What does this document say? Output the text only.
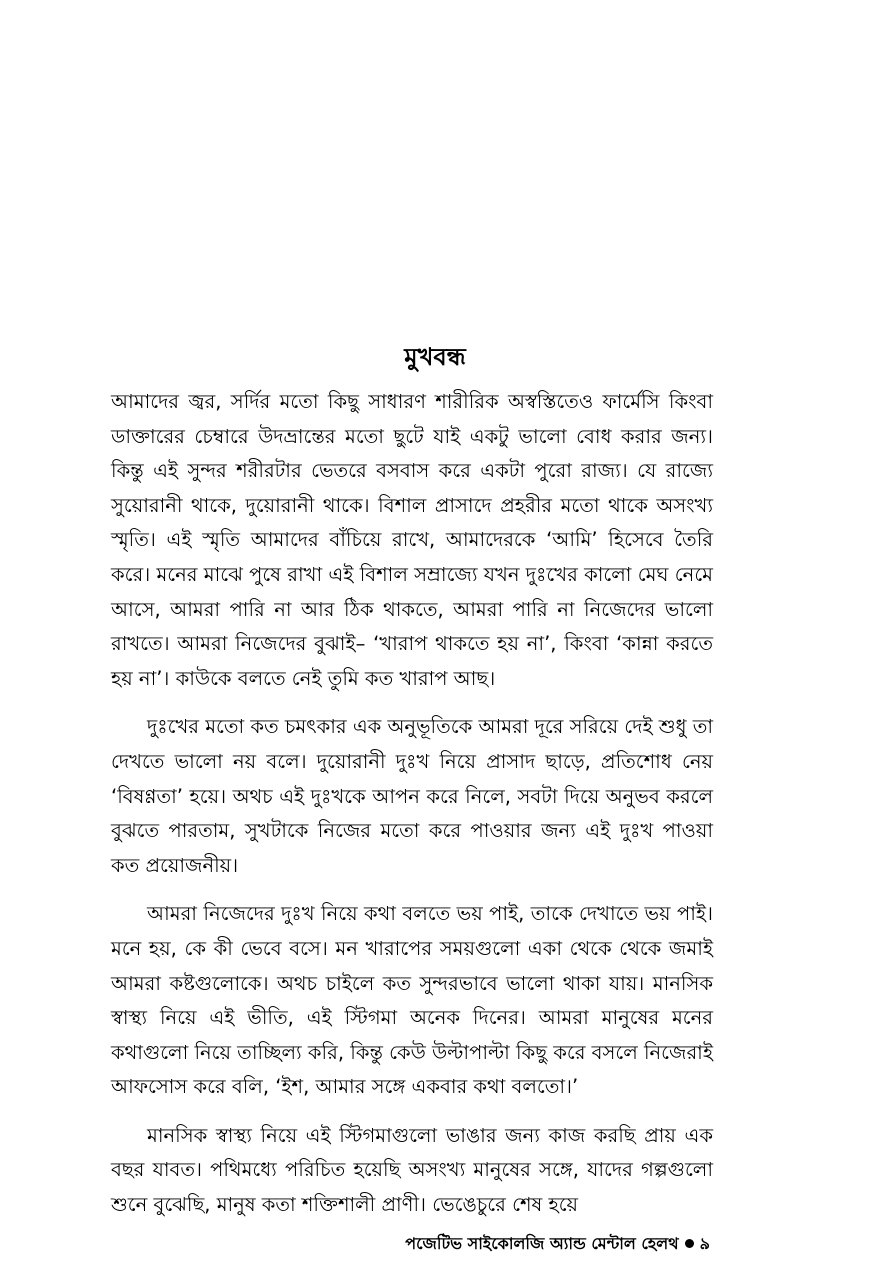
মুখবন্ধ

আমাদের জ্বর, সর্দির মতো কিছু সাধারণ শারীরিক অস্বস্তিতেও ফার্মেসি কিংবা ডাক্তারের চেম্বারে উদভ্রান্তের মতো ছুটে যাই একটু ভালো বোধ করার জন্য। কিন্তু এই সুন্দর শরীরটার ভেতরে বসবাস করে একটা পুরো রাজ্য। যে রাজ্যে সুয়োরানী থাকে, দুয়োরানী থাকে। বিশাল প্রাসাদে প্রহরীর মতো থাকে অসংখ্য স্মৃতি। এই স্মৃতি আমাদের বাঁচিয়ে রাখে, আমাদেরকে ‘আমি’ হিসেবে তৈরি করে। মনের মাঝে পুষে রাখা এই বিশাল সম্রাজ্যে যখন দুঃখের কালো মেঘ নেমে আসে, আমরা পারি না আর ঠিক থাকতে, আমরা পারি না নিজেদের ভালো রাখতে। আমরা নিজেদের বুঝাই– ‘খারাপ থাকতে হয় না’, কিংবা ‘কান্না করতে হয় না’। কাউকে বলতে নেই তুমি কত খারাপ আছ।

দুঃখের মতো কত চমৎকার এক অনুভূতিকে আমরা দূরে সরিয়ে দেই শুধু তা দেখতে ভালো নয় বলে। দুয়োরানী দুঃখ নিয়ে প্রাসাদ ছাড়ে, প্রতিশোধ নেয় ‘বিষণ্ণতা’ হয়ে। অথচ এই দুঃখকে আপন করে নিলে, সবটা দিয়ে অনুভব করলে বুঝতে পারতাম, সুখটাকে নিজের মতো করে পাওয়ার জন্য এই দুঃখ পাওয়া কত প্রয়োজনীয়।

আমরা নিজেদের দুঃখ নিয়ে কথা বলতে ভয় পাই, তাকে দেখাতে ভয় পাই। মনে হয়, কে কী ভেবে বসে। মন খারাপের সময়গুলো একা থেকে থেকে জমাই আমরা কষ্টগুলোকে। অথচ চাইলে কত সুন্দরভাবে ভালো থাকা যায়। মানসিক স্বাস্থ্য নিয়ে এই ভীতি, এই স্টিগমা অনেক দিনের। আমরা মানুষের মনের কথাগুলো নিয়ে তাচ্ছিল্য করি, কিন্তু কেউ উল্টাপাল্টা কিছু করে বসলে নিজেরাই আফসোস করে বলি, ‘ইশ, আমার সঙ্গে একবার কথা বলতো।’

মানসিক স্বাস্থ্য নিয়ে এই স্টিগমাগুলো ভাঙার জন্য কাজ করছি প্রায় এক বছর যাবত। পথিমধ্যে পরিচিত হয়েছি অসংখ্য মানুষের সঙ্গে, যাদের গল্পগুলো শুনে বুঝেছি, মানুষ কতা শক্তিশালী প্রাণী। ভেঙেচুরে শেষ হয়ে

পজেটিভ সাইকোলজি অ্যান্ড মেন্টাল হেলথ ৯
